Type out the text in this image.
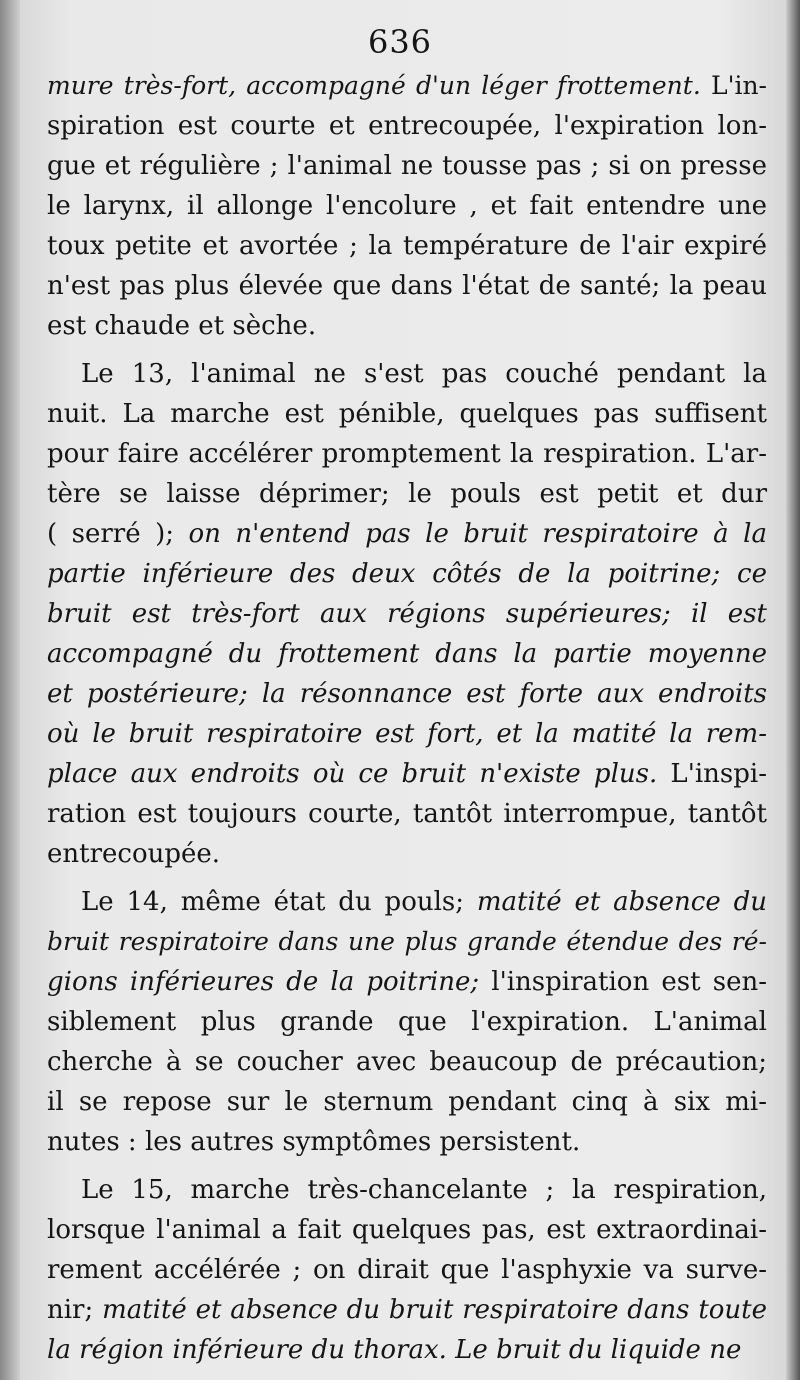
636
mure très-fort, accompagné d'un léger frottement. L'in-
spiration est courte et entrecoupée, l'expiration lon-
gue et régulière ; l'animal ne tousse pas ; si on presse
le larynx, il allonge l'encolure , et fait entendre une
toux petite et avortée ; la température de l'air expiré
n'est pas plus élevée que dans l'état de santé; la peau
est chaude et sèche.
Le 13, l'animal ne s'est pas couché pendant la
nuit. La marche est pénible, quelques pas suffisent
pour faire accélérer promptement la respiration. L'ar-
tère se laisse déprimer; le pouls est petit et dur
( serré ); on n'entend pas le bruit respiratoire à la
partie inférieure des deux côtés de la poitrine; ce
bruit est très-fort aux régions supérieures; il est
accompagné du frottement dans la partie moyenne
et postérieure; la résonnance est forte aux endroits
où le bruit respiratoire est fort, et la matité la rem-
place aux endroits où ce bruit n'existe plus. L'inspi-
ration est toujours courte, tantôt interrompue, tantôt
entrecoupée.
Le 14, même état du pouls; matité et absence du
bruit respiratoire dans une plus grande étendue des ré-
gions inférieures de la poitrine; l'inspiration est sen-
siblement plus grande que l'expiration. L'animal
cherche à se coucher avec beaucoup de précaution;
il se repose sur le sternum pendant cinq à six mi-
nutes : les autres symptômes persistent.
Le 15, marche très-chancelante ; la respiration,
lorsque l'animal a fait quelques pas, est extraordinai-
rement accélérée ; on dirait que l'asphyxie va surve-
nir; matité et absence du bruit respiratoire dans toute
la région inférieure du thorax. Le bruit du liquide ne
